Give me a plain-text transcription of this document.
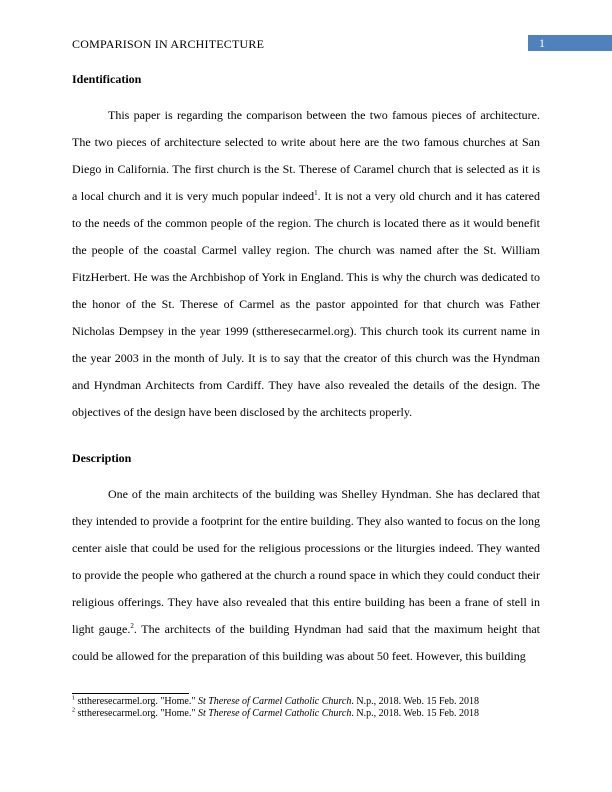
COMPARISON IN ARCHITECTURE	1
Identification

This paper is regarding the comparison between the two famous pieces of architecture. The two pieces of architecture selected to write about here are the two famous churches at San Diego in California. The first church is the St. Therese of Caramel church that is selected as it is a local church and it is very much popular indeed$^1$. It is not a very old church and it has catered to the needs of the common people of the region. The church is located there as it would benefit the people of the coastal Carmel valley region. The church was named after the St. William FitzHerbert. He was the Archbishop of York in England. This is why the church was dedicated to the honor of the St. Therese of Carmel as the pastor appointed for that church was Father Nicholas Dempsey in the year 1999 (sttheresecarmel.org). This church took its current name in the year 2003 in the month of July. It is to say that the creator of this church was the Hyndman and Hyndman Architects from Cardiff. They have also revealed the details of the design. The objectives of the design have been disclosed by the architects properly.

Description

One of the main architects of the building was Shelley Hyndman. She has declared that they intended to provide a footprint for the entire building. They also wanted to focus on the long center aisle that could be used for the religious processions or the liturgies indeed. They wanted to provide the people who gathered at the church a round space in which they could conduct their religious offerings. They have also revealed that this entire building has been a frane of stell in light gauge.$^2$. The architects of the building Hyndman had said that the maximum height that could be allowed for the preparation of this building was about 50 feet. However, this building

$^1$ sttheresecarmel.org. "Home." St Therese of Carmel Catholic Church. N.p., 2018. Web. 15 Feb. 2018
$^2$ sttheresecarmel.org. "Home." St Therese of Carmel Catholic Church. N.p., 2018. Web. 15 Feb. 2018
